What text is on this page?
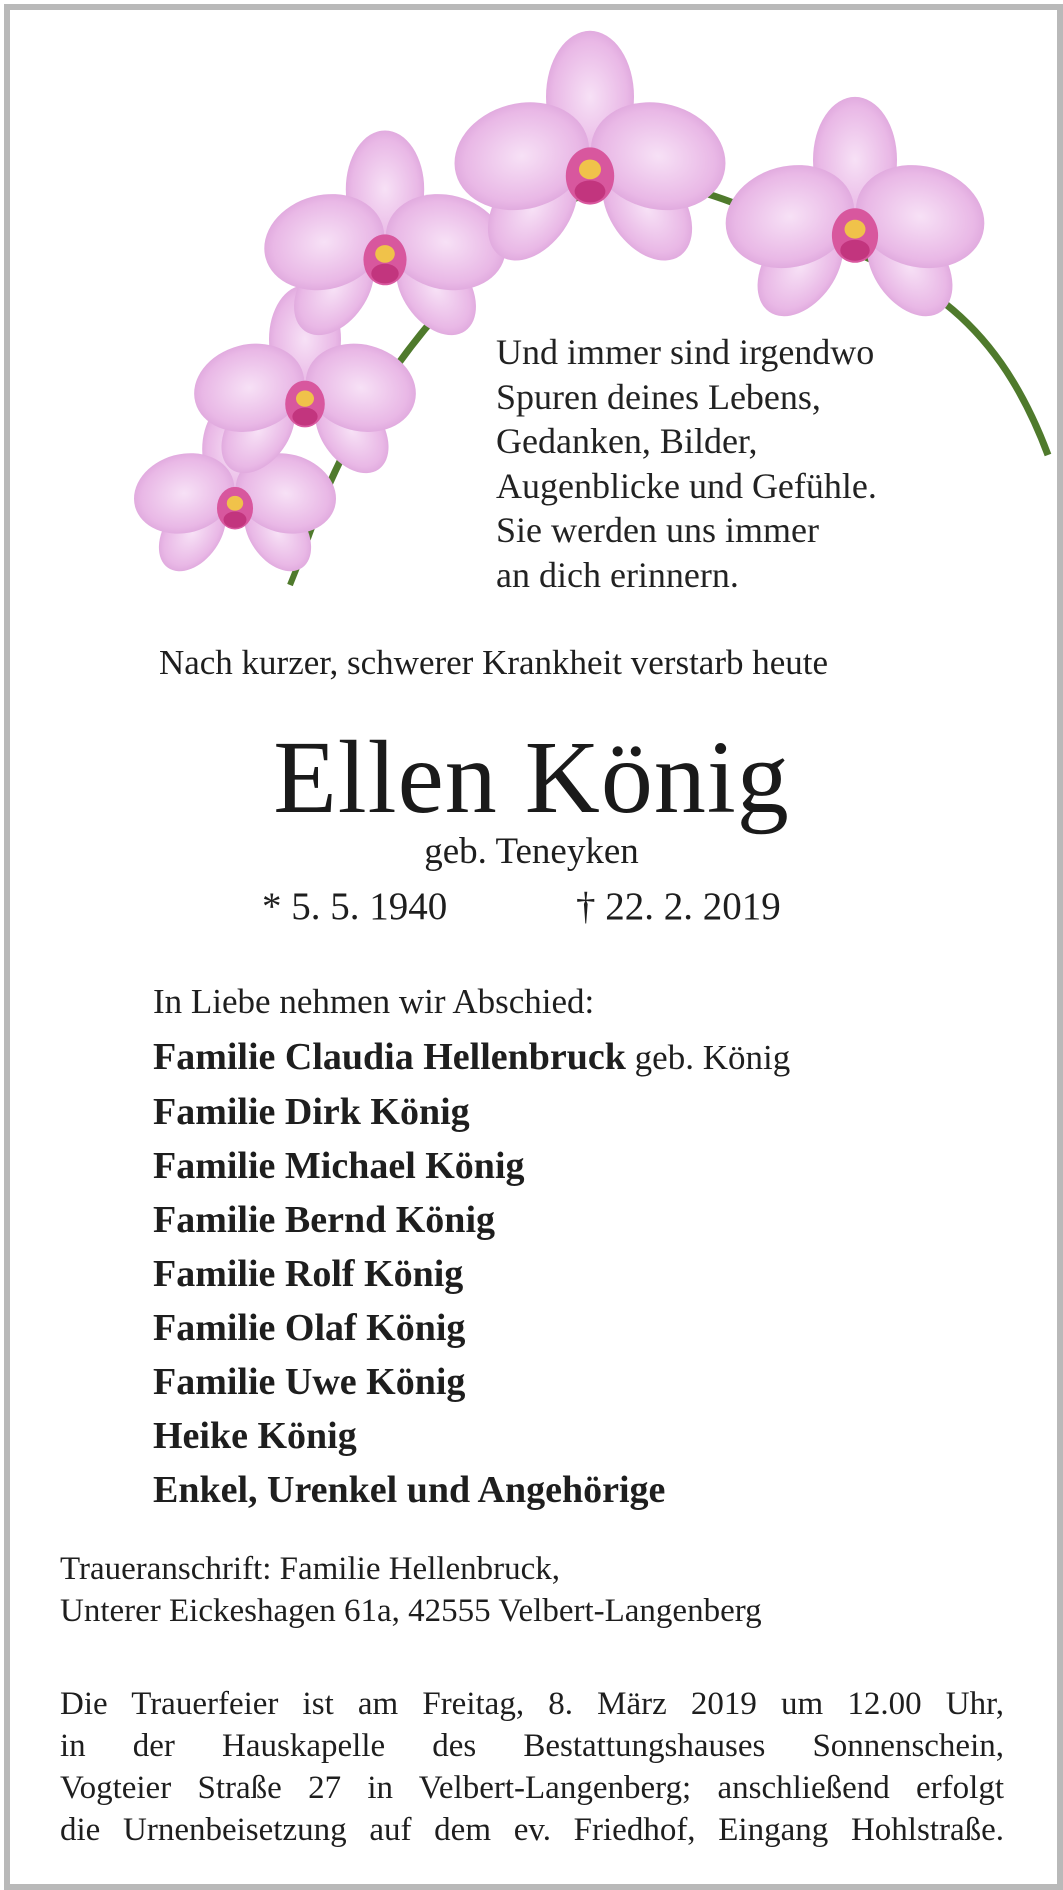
Und immer sind irgendwo
Spuren deines Lebens,
Gedanken, Bilder,
Augenblicke und Gefühle.
Sie werden uns immer
an dich erinnern.
Nach kurzer, schwerer Krankheit verstarb heute
Ellen König
geb. Teneyken
* 5. 5. 1940	† 22. 2. 2019
In Liebe nehmen wir Abschied:
Familie Claudia Hellenbruck geb. König
Familie Dirk König
Familie Michael König
Familie Bernd König
Familie Rolf König
Familie Olaf König
Familie Uwe König
Heike König
Enkel, Urenkel und Angehörige
Traueranschrift: Familie Hellenbruck,
Unterer Eickeshagen 61a, 42555 Velbert-Langenberg
Die Trauerfeier ist am Freitag, 8. März 2019 um 12.00 Uhr,
in der Hauskapelle des Bestattungshauses Sonnenschein,
Vogteier Straße 27 in Velbert-Langenberg; anschließend erfolgt
die Urnenbeisetzung auf dem ev. Friedhof, Eingang Hohlstraße.
